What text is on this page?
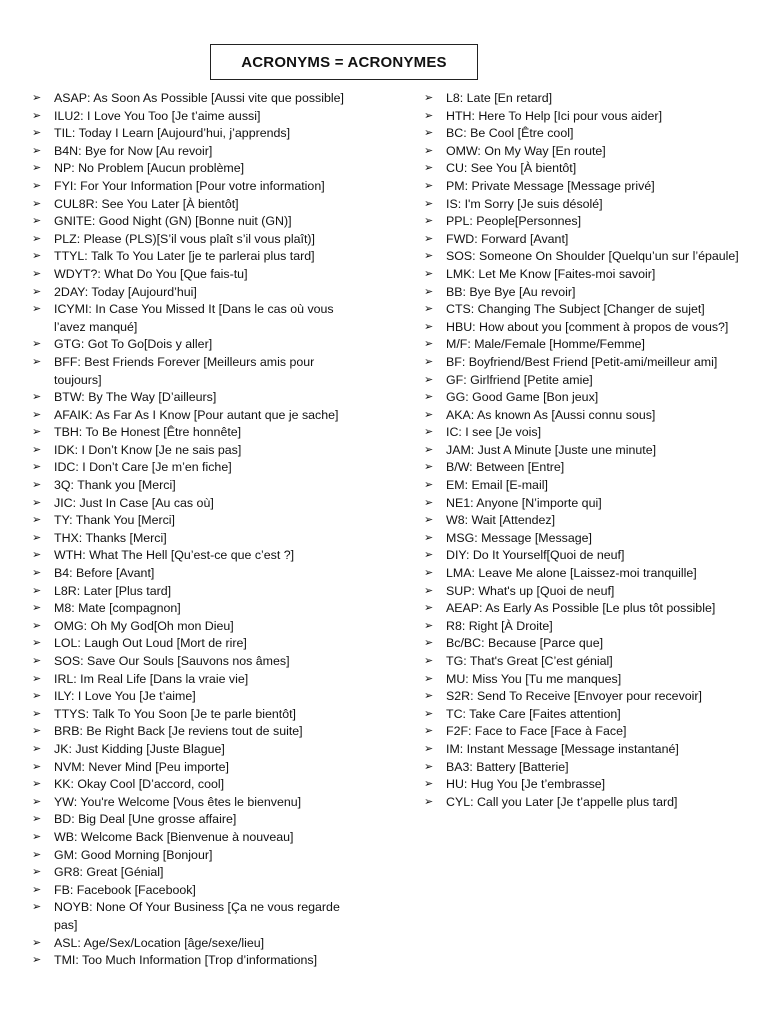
ACRONYMS = ACRONYMES
➢	ASAP: As Soon As Possible [Aussi vite que possible]
➢	ILU2: I Love You Too [Je t’aime aussi]
➢	TIL: Today I Learn [Aujourd’hui, j’apprends]
➢	B4N: Bye for Now [Au revoir]
➢	NP: No Problem [Aucun problème]
➢	FYI: For Your Information [Pour votre information]
➢	CUL8R: See You Later [À bientôt]
➢	GNITE: Good Night (GN) [Bonne nuit (GN)]
➢	PLZ: Please (PLS)[S’il vous plaît s’il vous plaît)]
➢	TTYL: Talk To You Later [je te parlerai plus tard]
➢	WDYT?: What Do You [Que fais-tu]
➢	2DAY: Today [Aujourd’hui]
➢	ICYMI: In Case You Missed It [Dans le cas où vous l’avez manqué]
➢	GTG: Got To Go[Dois y aller]
➢	BFF: Best Friends Forever [Meilleurs amis pour toujours]
➢	BTW: By The Way [D’ailleurs]
➢	AFAIK: As Far As I Know [Pour autant que je sache]
➢	TBH: To Be Honest [Être honnête]
➢	IDK: I Don’t Know [Je ne sais pas]
➢	IDC: I Don’t Care [Je m’en fiche]
➢	3Q: Thank you [Merci]
➢	JIC: Just In Case [Au cas où]
➢	TY: Thank You [Merci]
➢	THX: Thanks [Merci]
➢	WTH: What The Hell [Qu’est-ce que c’est ?]
➢	B4: Before [Avant]
➢	L8R: Later [Plus tard]
➢	M8: Mate [compagnon]
➢	OMG: Oh My God[Oh mon Dieu]
➢	LOL: Laugh Out Loud [Mort de rire]
➢	SOS: Save Our Souls [Sauvons nos âmes]
➢	IRL: Im Real Life [Dans la vraie vie]
➢	ILY: I Love You [Je t’aime]
➢	TTYS: Talk To You Soon [Je te parle bientôt]
➢	BRB: Be Right Back [Je reviens tout de suite]
➢	JK: Just Kidding [Juste Blague]
➢	NVM: Never Mind [Peu importe]
➢	KK: Okay Cool [D’accord, cool]
➢	YW: You're Welcome [Vous êtes le bienvenu]
➢	BD: Big Deal [Une grosse affaire]
➢	WB: Welcome Back [Bienvenue à nouveau]
➢	GM: Good Morning [Bonjour]
➢	GR8: Great [Génial]
➢	FB: Facebook [Facebook]
➢	NOYB: None Of Your Business [Ça ne vous regarde pas]
➢	ASL: Age/Sex/Location [âge/sexe/lieu]
➢	TMI: Too Much Information [Trop d’informations]
➢	L8: Late [En retard]
➢	HTH: Here To Help [Ici pour vous aider]
➢	BC: Be Cool [Être cool]
➢	OMW: On My Way [En route]
➢	CU: See You [À bientôt]
➢	PM: Private Message [Message privé]
➢	IS: I'm Sorry [Je suis désolé]
➢	PPL: People[Personnes]
➢	FWD: Forward [Avant]
➢	SOS: Someone On Shoulder [Quelqu’un sur l’épaule]
➢	LMK: Let Me Know [Faites-moi savoir]
➢	BB: Bye Bye [Au revoir]
➢	CTS: Changing The Subject [Changer de sujet]
➢	HBU: How about you [comment à propos de vous?]
➢	M/F: Male/Female [Homme/Femme]
➢	BF: Boyfriend/Best Friend [Petit-ami/meilleur ami]
➢	GF: Girlfriend [Petite amie]
➢	GG: Good Game [Bon jeux]
➢	AKA: As known As [Aussi connu sous]
➢	IC: I see [Je vois]
➢	JAM: Just A Minute [Juste une minute]
➢	B/W: Between [Entre]
➢	EM: Email [E-mail]
➢	NE1: Anyone [N’importe qui]
➢	W8: Wait [Attendez]
➢	MSG: Message [Message]
➢	DIY: Do It Yourself[Quoi de neuf]
➢	LMA: Leave Me alone [Laissez-moi tranquille]
➢	SUP: What's up [Quoi de neuf]
➢	AEAP: As Early As Possible [Le plus tôt possible]
➢	R8: Right [À Droite]
➢	Bc/BC: Because [Parce que]
➢	TG: That's Great [C’est génial]
➢	MU: Miss You [Tu me manques]
➢	S2R: Send To Receive [Envoyer pour recevoir]
➢	TC: Take Care [Faites attention]
➢	F2F: Face to Face [Face à Face]
➢	IM: Instant Message [Message instantané]
➢	BA3: Battery [Batterie]
➢	HU: Hug You [Je t’embrasse]
➢	CYL: Call you Later [Je t’appelle plus tard]
